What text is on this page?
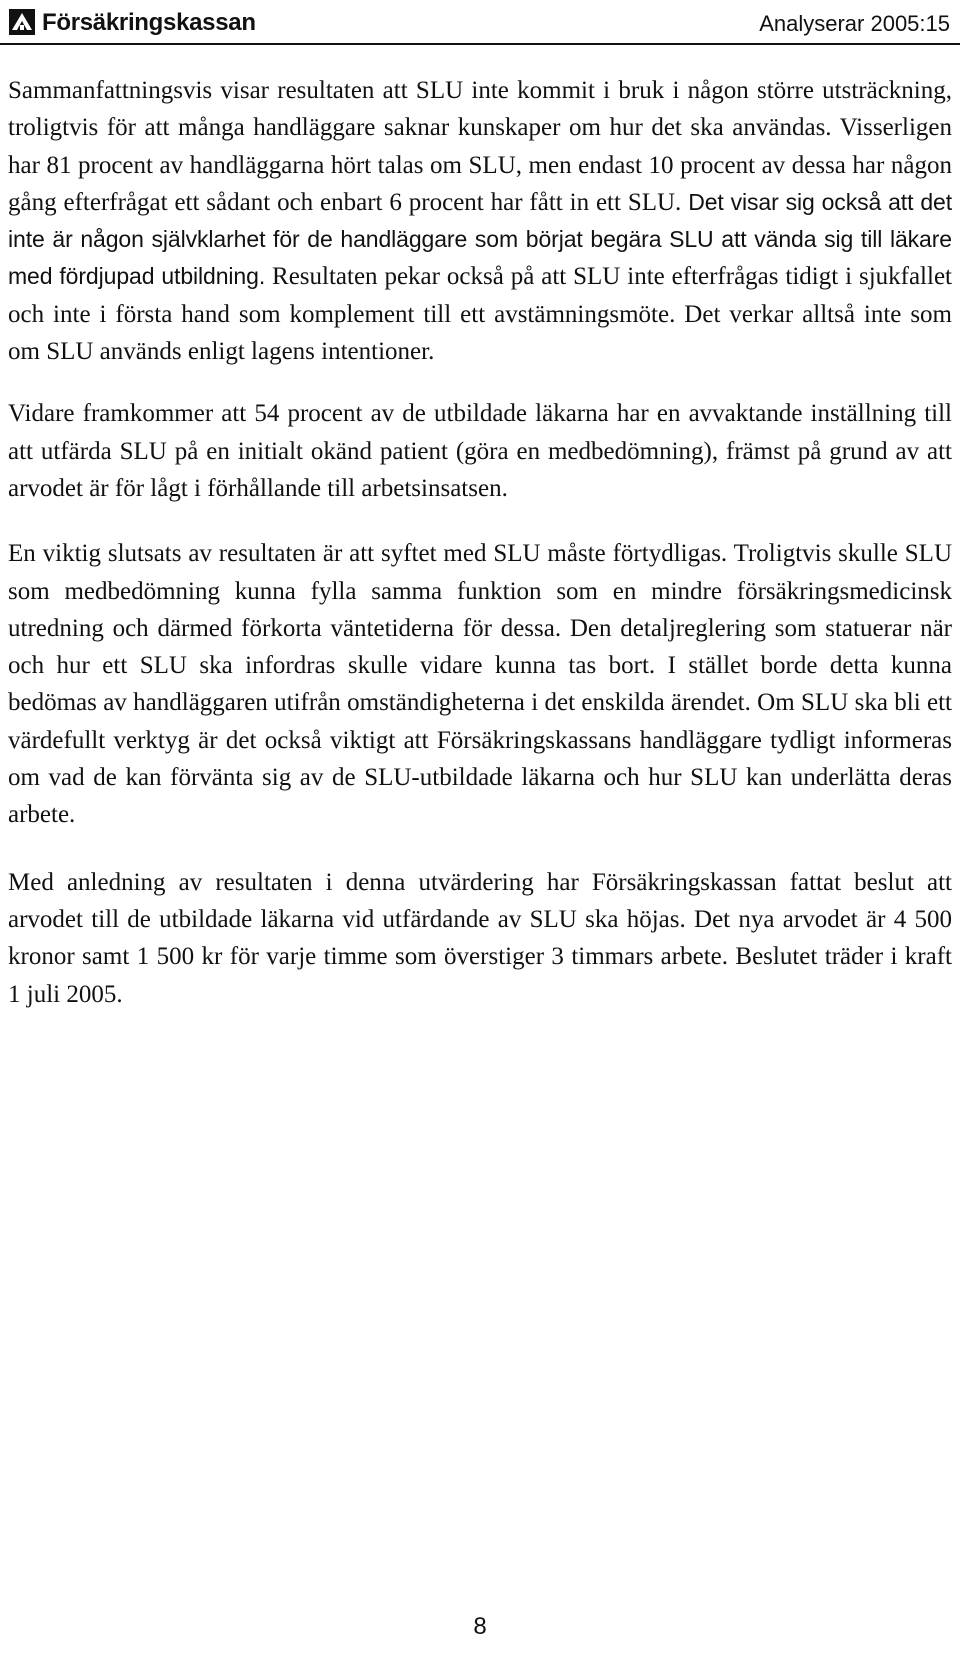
Försäkringskassan	Analyserar 2005:15

Sammanfattningsvis visar resultaten att SLU inte kommit i bruk i någon större utsträckning, troligtvis för att många handläggare saknar kunskaper om hur det ska användas. Visserligen har 81 procent av handläggarna hört talas om SLU, men endast 10 procent av dessa har någon gång efterfrågat ett sådant och enbart 6 procent har fått in ett SLU. Det visar sig också att det inte är någon självklarhet för de handläggare som börjat begära SLU att vända sig till läkare med fördjupad utbildning. Resultaten pekar också på att SLU inte efterfrågas tidigt i sjukfallet och inte i första hand som komplement till ett avstämningsmöte. Det verkar alltså inte som om SLU används enligt lagens intentioner.

Vidare framkommer att 54 procent av de utbildade läkarna har en avvaktande inställning till att utfärda SLU på en initialt okänd patient (göra en medbedömning), främst på grund av att arvodet är för lågt i förhållande till arbetsinsatsen.

En viktig slutsats av resultaten är att syftet med SLU måste förtydligas. Troligtvis skulle SLU som medbedömning kunna fylla samma funktion som en mindre försäkringsmedicinsk utredning och därmed förkorta väntetiderna för dessa. Den detaljreglering som statuerar när och hur ett SLU ska infordras skulle vidare kunna tas bort. I stället borde detta kunna bedömas av handläggaren utifrån omständigheterna i det enskilda ärendet. Om SLU ska bli ett värdefullt verktyg är det också viktigt att Försäkringskassans handläggare tydligt informeras om vad de kan förvänta sig av de SLU-utbildade läkarna och hur SLU kan underlätta deras arbete.

Med anledning av resultaten i denna utvärdering har Försäkringskassan fattat beslut att arvodet till de utbildade läkarna vid utfärdande av SLU ska höjas. Det nya arvodet är 4 500 kronor samt 1 500 kr för varje timme som överstiger 3 timmars arbete. Beslutet träder i kraft 1 juli 2005.

8
